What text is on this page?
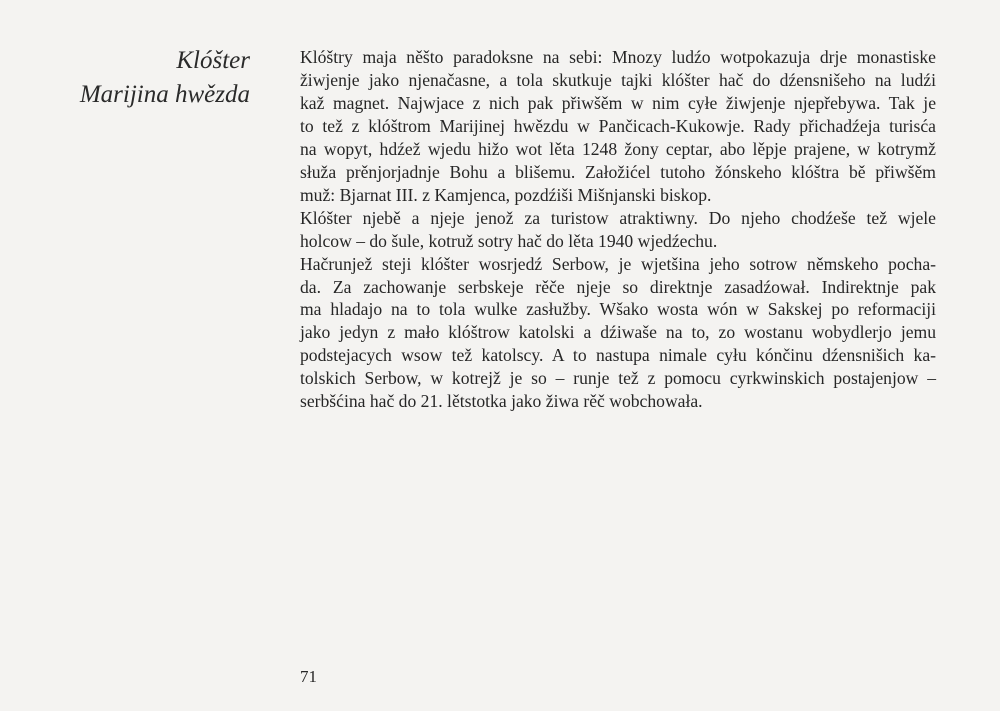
Klóšter
Marijina hwězda
Klóštry maja něšto paradoksne na sebi: Mnozy ludźo wotpokazuja drje monastiske
žiwjenje jako njenačasne, a tola skutkuje tajki klóšter hač do dźensnišeho na ludźi
kaž magnet. Najwjace z nich pak přiwšěm w nim cyłe žiwjenje njepřebywa. Tak je
to tež z klóštrom Marijinej hwězdu w Pančicach-Kukowje. Rady přichadźeja turisća
na wopyt, hdźež wjedu hižo wot lěta 1248 žony ceptar, abo lěpje prajene, w kotrymž
słuža prěnjorjadnje Bohu a blišemu. Załožićel tutoho žónskeho klóštra bě přiwšěm
muž: Bjarnat III. z Kamjenca, pozdźiši Mišnjanski biskop.
Klóšter njebě a njeje jenož za turistow atraktiwny. Do njeho chodźeše tež wjele
holcow – do šule, kotruž sotry hač do lěta 1940 wjedźechu.
Hačrunjež steji klóšter wosrjedź Serbow, je wjetšina jeho sotrow němskeho pocha-
da. Za zachowanje serbskeje rěče njeje so direktnje zasadźował. Indirektnje pak
ma hladajo na to tola wulke zasłužby. Wšako wosta wón w Sakskej po reformaciji
jako jedyn z mało klóštrow katolski a dźiwaše na to, zo wostanu wobydlerjo jemu
podstejacych wsow tež katolscy. A to nastupa nimale cyłu kónčinu dźensnišich ka-
tolskich Serbow, w kotrejž je so – runje tež z pomocu cyrkwinskich postajenjow –
serbšćina hač do 21. lětstotka jako žiwa rěč wobchowała.
71
